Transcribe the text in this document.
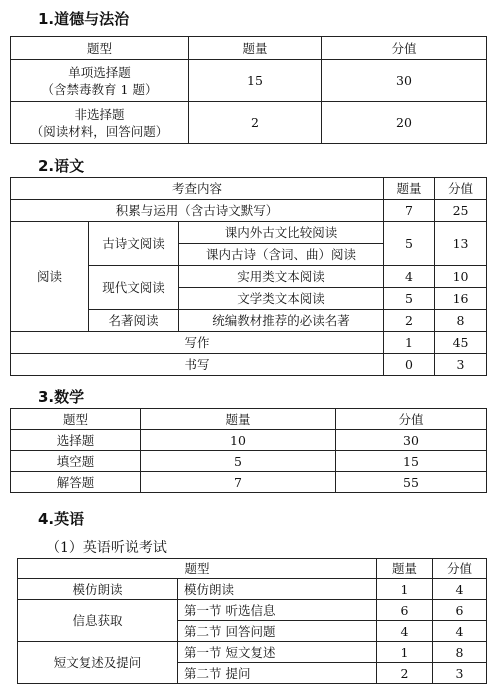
1.道德与法治
题型	题量	分值

单项选择题
（含禁毒教育 1 题）	15	30

非选择题
（阅读材料，回答问题）	2	20
2.语文
考查内容			题量	分值
积累与运用（含古诗文默写）			7	25
阅读	古诗文阅读	课内外古文比较阅读	5	13
		课内古诗（含词、曲）阅读		
	现代文阅读	实用类文本阅读	4	10
		文学类文本阅读	5	16
	名著阅读	统编教材推荐的必读名著	2	8
写作			1	45
书写			0	3
3.数学
题型	题量	分值
选择题	10	30
填空题	5	15
解答题	7	55
4.英语
（1）英语听说考试
题型		题量	分值
模仿朗读	模仿朗读	1	4
信息获取	第一节 听选信息	6	6
	第二节 回答问题	4	4
短文复述及提问	第一节 短文复述	1	8
	第二节 提问	2	3
